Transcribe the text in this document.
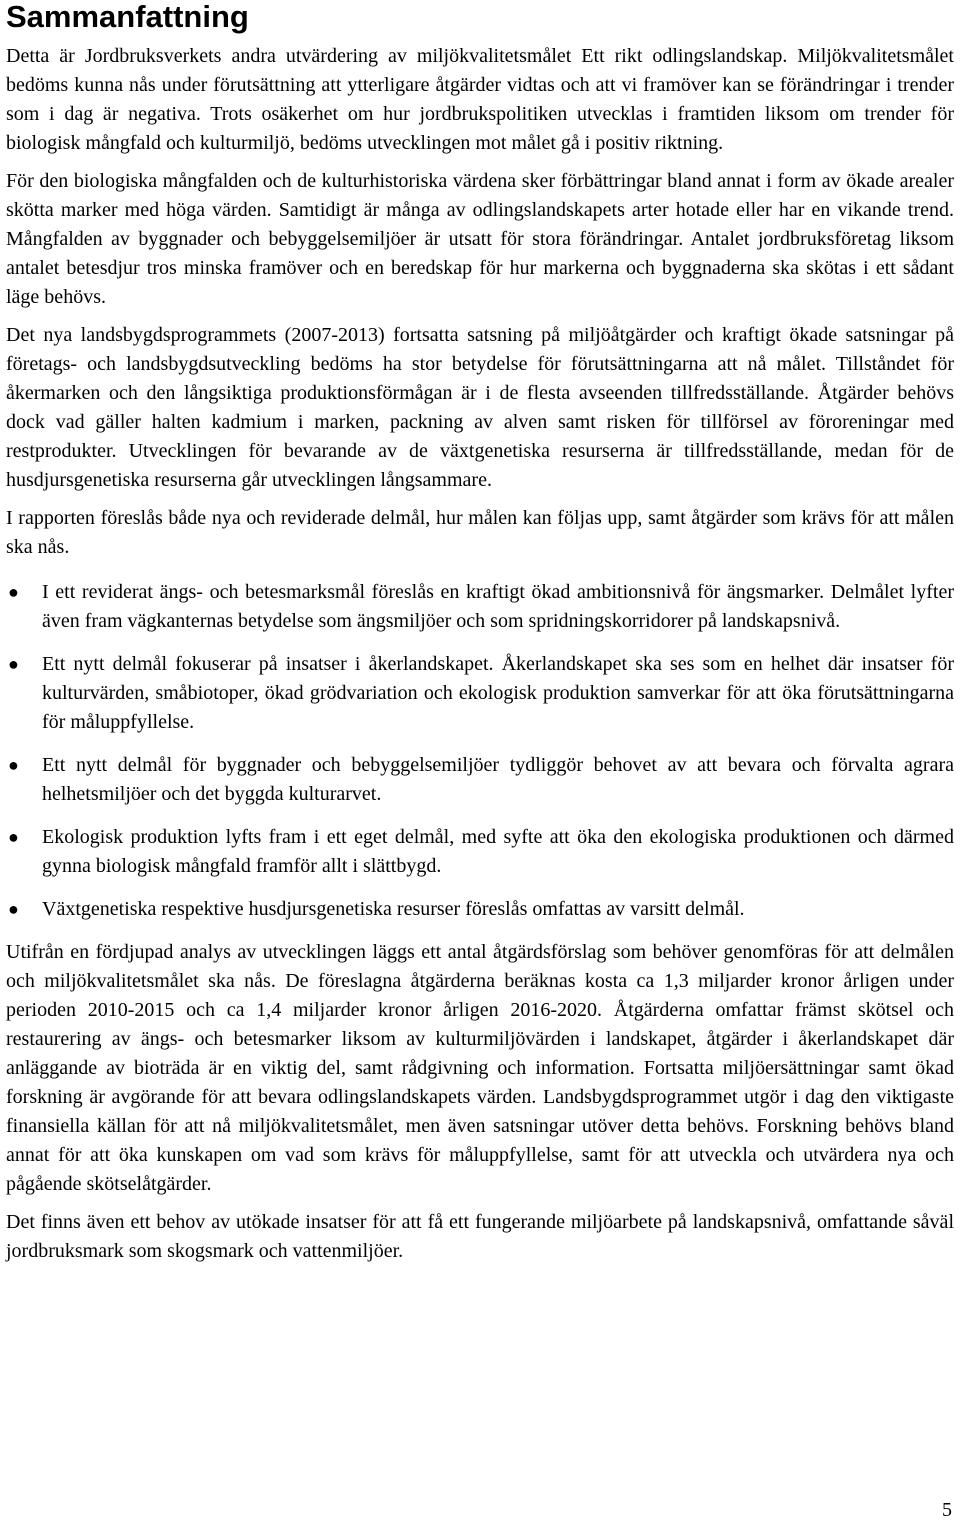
Sammanfattning

Detta är Jordbruksverkets andra utvärdering av miljökvalitetsmålet Ett rikt odlingslandskap. Miljökvalitetsmålet bedöms kunna nås under förutsättning att ytterligare åtgärder vidtas och att vi framöver kan se förändringar i trender som i dag är negativa. Trots osäkerhet om hur jordbrukspolitiken utvecklas i framtiden liksom om trender för biologisk mångfald och kulturmiljö, bedöms utvecklingen mot målet gå i positiv riktning.

För den biologiska mångfalden och de kulturhistoriska värdena sker förbättringar bland annat i form av ökade arealer skötta marker med höga värden. Samtidigt är många av odlingslandskapets arter hotade eller har en vikande trend. Mångfalden av byggnader och bebyggelsemiljöer är utsatt för stora förändringar. Antalet jordbruksföretag liksom antalet betesdjur tros minska framöver och en beredskap för hur markerna och byggnaderna ska skötas i ett sådant läge behövs.

Det nya landsbygdsprogrammets (2007-2013) fortsatta satsning på miljöåtgärder och kraftigt ökade satsningar på företags- och landsbygdsutveckling bedöms ha stor betydelse för förutsättningarna att nå målet. Tillståndet för åkermarken och den långsiktiga produktionsförmågan är i de flesta avseenden tillfredsställande. Åtgärder behövs dock vad gäller halten kadmium i marken, packning av alven samt risken för tillförsel av föroreningar med restprodukter. Utvecklingen för bevarande av de växtgenetiska resurserna är tillfredsställande, medan för de husdjursgenetiska resurserna går utvecklingen långsammare.

I rapporten föreslås både nya och reviderade delmål, hur målen kan följas upp, samt åtgärder som krävs för att målen ska nås.

● I ett reviderat ängs- och betesmarksmål föreslås en kraftigt ökad ambitionsnivå för ängsmarker. Delmålet lyfter även fram vägkanternas betydelse som ängsmiljöer och som spridningskorridorer på landskapsnivå.
● Ett nytt delmål fokuserar på insatser i åkerlandskapet. Åkerlandskapet ska ses som en helhet där insatser för kulturvärden, småbiotoper, ökad grödvariation och ekologisk produktion samverkar för att öka förutsättningarna för måluppfyllelse.
● Ett nytt delmål för byggnader och bebyggelsemiljöer tydliggör behovet av att bevara och förvalta agrara helhetsmiljöer och det byggda kulturarvet.
● Ekologisk produktion lyfts fram i ett eget delmål, med syfte att öka den ekologiska produktionen och därmed gynna biologisk mångfald framför allt i slättbygd.
● Växtgenetiska respektive husdjursgenetiska resurser föreslås omfattas av varsitt delmål.

Utifrån en fördjupad analys av utvecklingen läggs ett antal åtgärdsförslag som behöver genomföras för att delmålen och miljökvalitetsmålet ska nås. De föreslagna åtgärderna beräknas kosta ca 1,3 miljarder kronor årligen under perioden 2010-2015 och ca 1,4 miljarder kronor årligen 2016-2020. Åtgärderna omfattar främst skötsel och restaurering av ängs- och betesmarker liksom av kulturmiljövärden i landskapet, åtgärder i åkerlandskapet där anläggande av bioträda är en viktig del, samt rådgivning och information. Fortsatta miljöersättningar samt ökad forskning är avgörande för att bevara odlingslandskapets värden. Landsbygdsprogrammet utgör i dag den viktigaste finansiella källan för att nå miljökvalitetsmålet, men även satsningar utöver detta behövs. Forskning behövs bland annat för att öka kunskapen om vad som krävs för måluppfyllelse, samt för att utveckla och utvärdera nya och pågående skötselåtgärder.

Det finns även ett behov av utökade insatser för att få ett fungerande miljöarbete på landskapsnivå, omfattande såväl jordbruksmark som skogsmark och vattenmiljöer.

5
